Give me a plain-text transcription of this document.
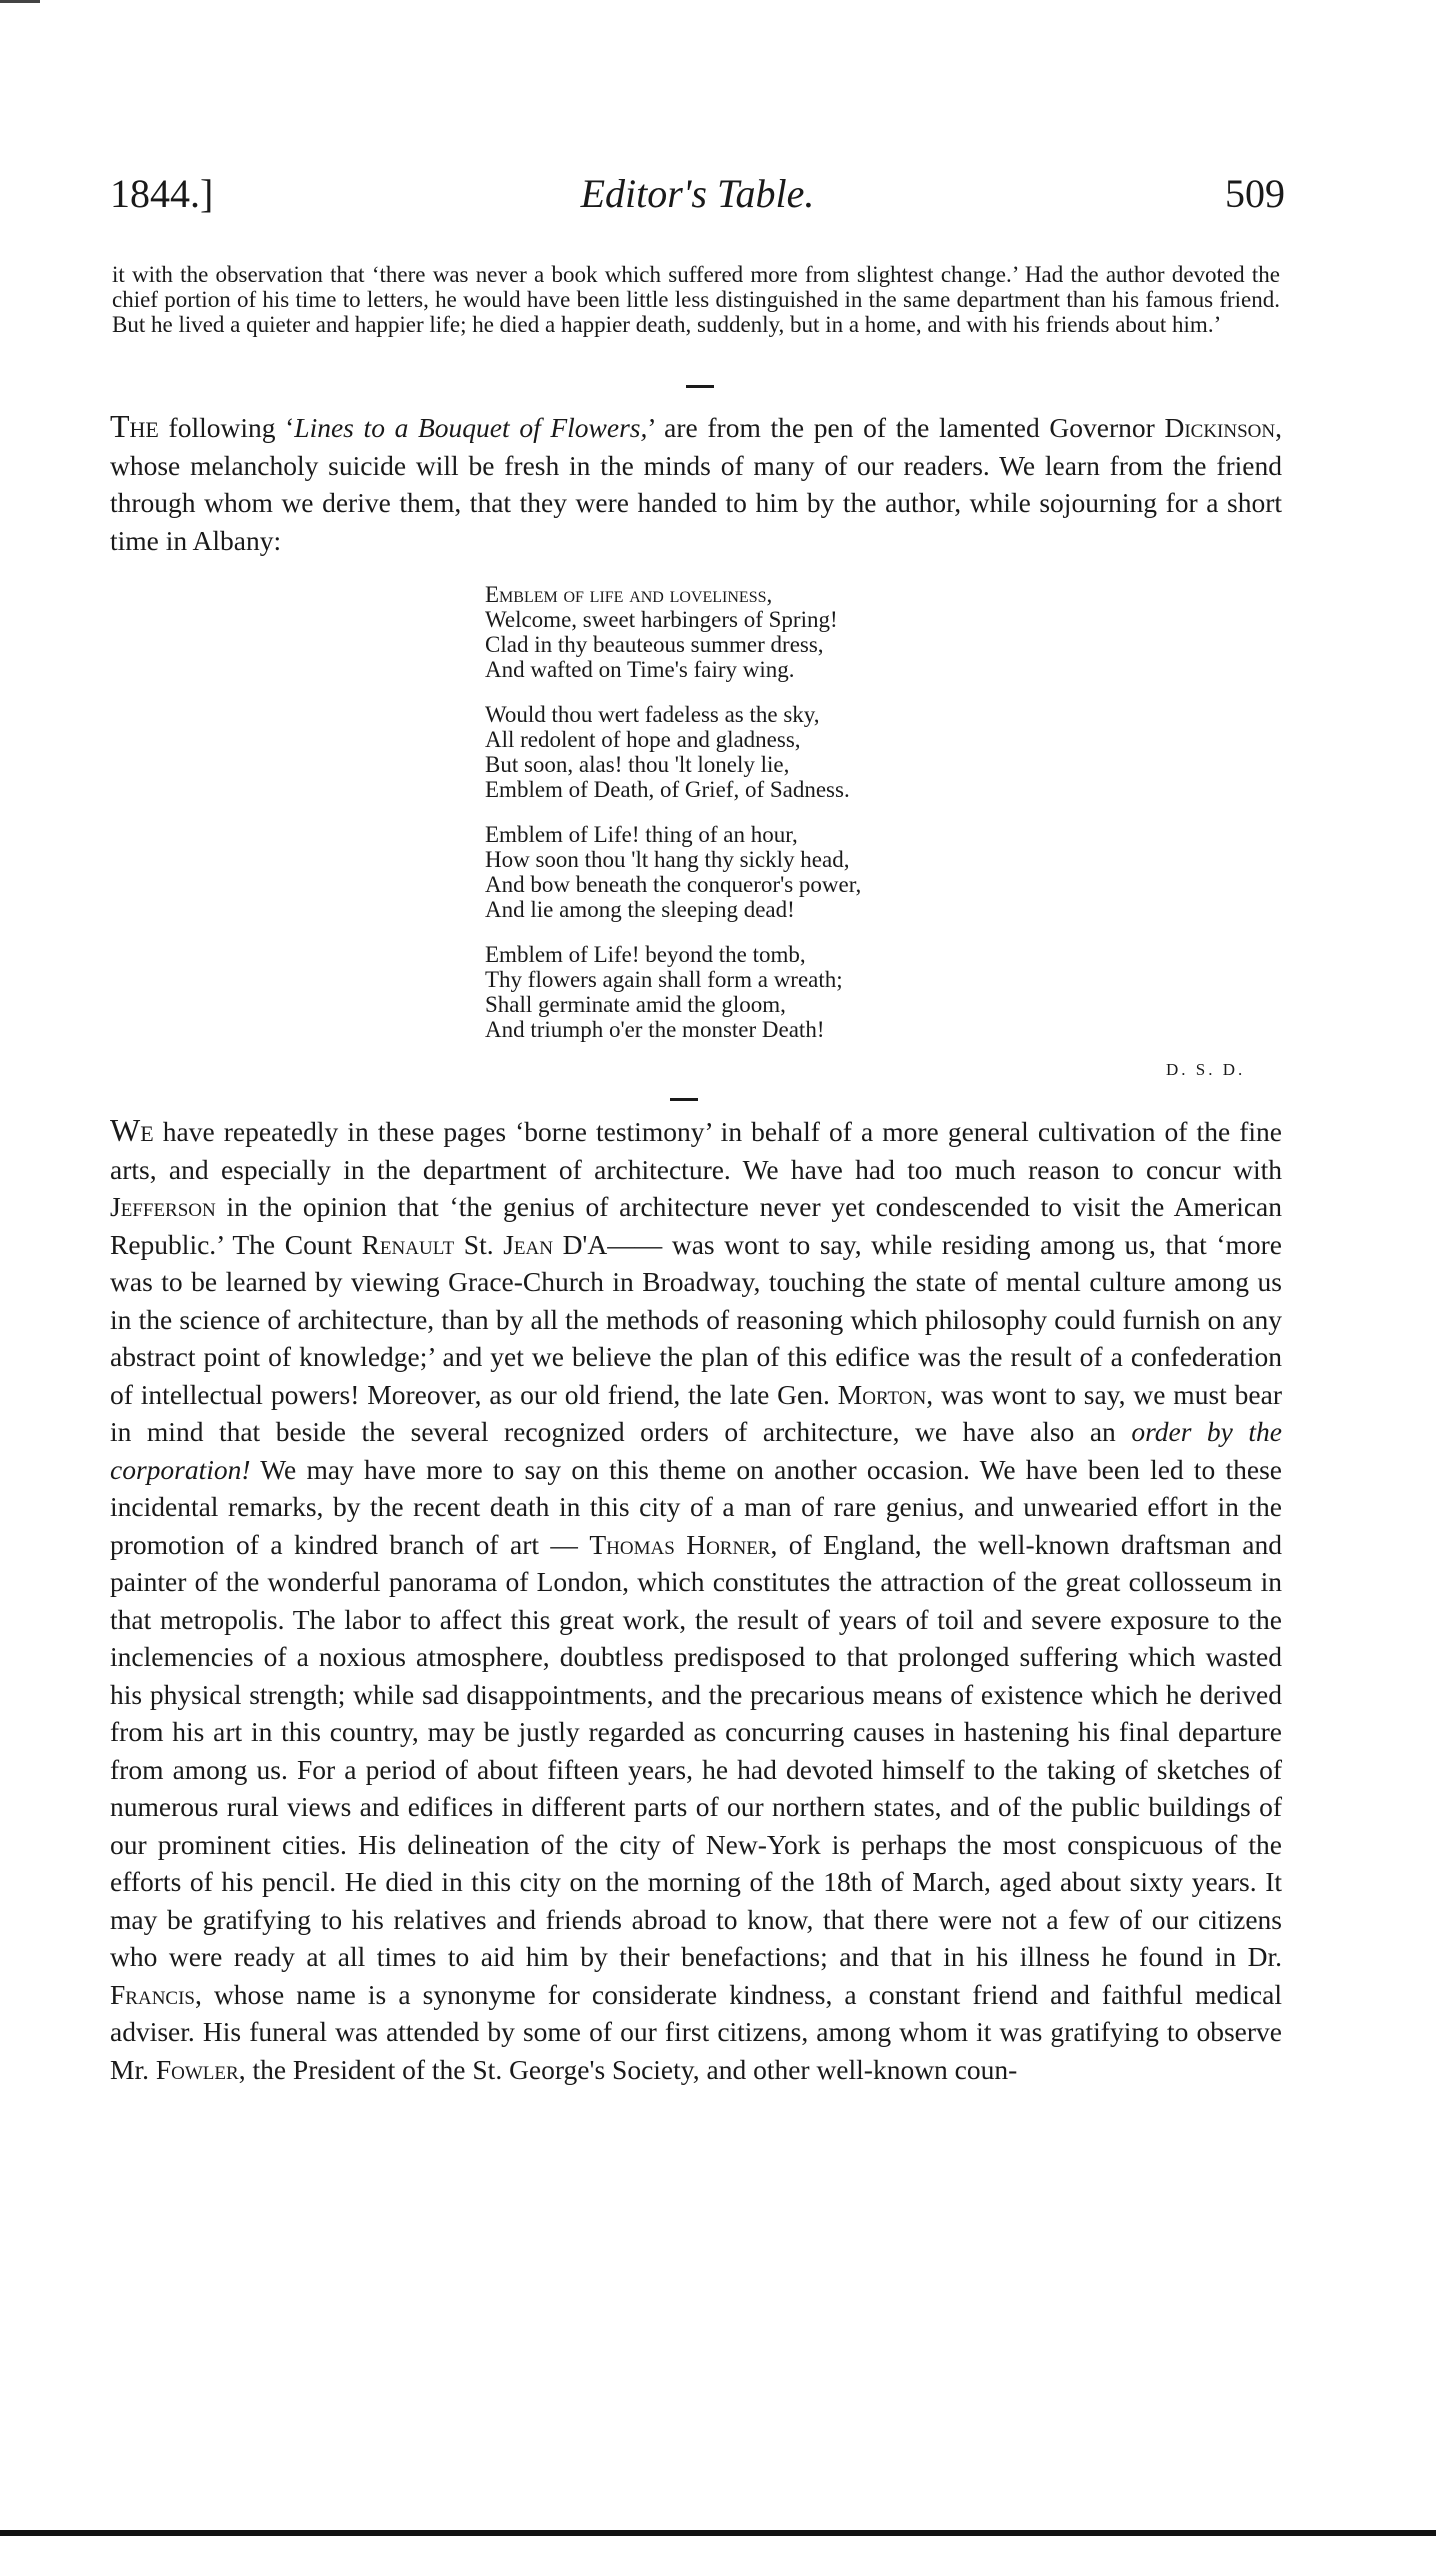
1844.]	Editor's Table.	509

it with the observation that ‘there was never a book which suffered more from slightest change.’ Had the author devoted the chief portion of his time to letters, he would have been little less distinguished in the same department than his famous friend. But he lived a quieter and happier life; he died a happier death, suddenly, but in a home, and with his friends about him.’

The following ‘Lines to a Bouquet of Flowers,’ are from the pen of the lamented Governor Dickinson, whose melancholy suicide will be fresh in the minds of many of our readers. We learn from the friend through whom we derive them, that they were handed to him by the author, while sojourning for a short time in Albany:

Emblem of life and loveliness,
Welcome, sweet harbingers of Spring!
Clad in thy beauteous summer dress,
And wafted on Time's fairy wing.
Would thou wert fadeless as the sky,
All redolent of hope and gladness,
But soon, alas! thou 'lt lonely lie,
Emblem of Death, of Grief, of Sadness.
Emblem of Life! thing of an hour,
How soon thou 'lt hang thy sickly head,
And bow beneath the conqueror's power,
And lie among the sleeping dead!
Emblem of Life! beyond the tomb,
Thy flowers again shall form a wreath;
Shall germinate amid the gloom,
And triumph o'er the monster Death!
D. S. D.

We have repeatedly in these pages ‘borne testimony’ in behalf of a more general cultivation of the fine arts, and especially in the department of architecture. We have had too much reason to concur with Jefferson in the opinion that ‘the genius of architecture never yet condescended to visit the American Republic.’ The Count Renault St. Jean D'A—— was wont to say, while residing among us, that ‘more was to be learned by viewing Grace-Church in Broadway, touching the state of mental culture among us in the science of architecture, than by all the methods of reasoning which philosophy could furnish on any abstract point of knowledge;’ and yet we believe the plan of this edifice was the result of a confederation of intellectual powers! Moreover, as our old friend, the late Gen. Morton, was wont to say, we must bear in mind that beside the several recognized orders of architecture, we have also an order by the corporation! We may have more to say on this theme on another occasion. We have been led to these incidental remarks, by the recent death in this city of a man of rare genius, and unwearied effort in the promotion of a kindred branch of art — Thomas Horner, of England, the well-known draftsman and painter of the wonderful panorama of London, which constitutes the attraction of the great collosseum in that metropolis. The labor to affect this great work, the result of years of toil and severe exposure to the inclemencies of a noxious atmosphere, doubtless predisposed to that prolonged suffering which wasted his physical strength; while sad disappointments, and the precarious means of existence which he derived from his art in this country, may be justly regarded as concurring causes in hastening his final departure from among us. For a period of about fifteen years, he had devoted himself to the taking of sketches of numerous rural views and edifices in different parts of our northern states, and of the public buildings of our prominent cities. His delineation of the city of New-York is perhaps the most conspicuous of the efforts of his pencil. He died in this city on the morning of the 18th of March, aged about sixty years. It may be gratifying to his relatives and friends abroad to know, that there were not a few of our citizens who were ready at all times to aid him by their benefactions; and that in his illness he found in Dr. Francis, whose name is a synonyme for considerate kindness, a constant friend and faithful medical adviser. His funeral was attended by some of our first citizens, among whom it was gratifying to observe Mr. Fowler, the President of the St. George's Society, and other well-known coun-
